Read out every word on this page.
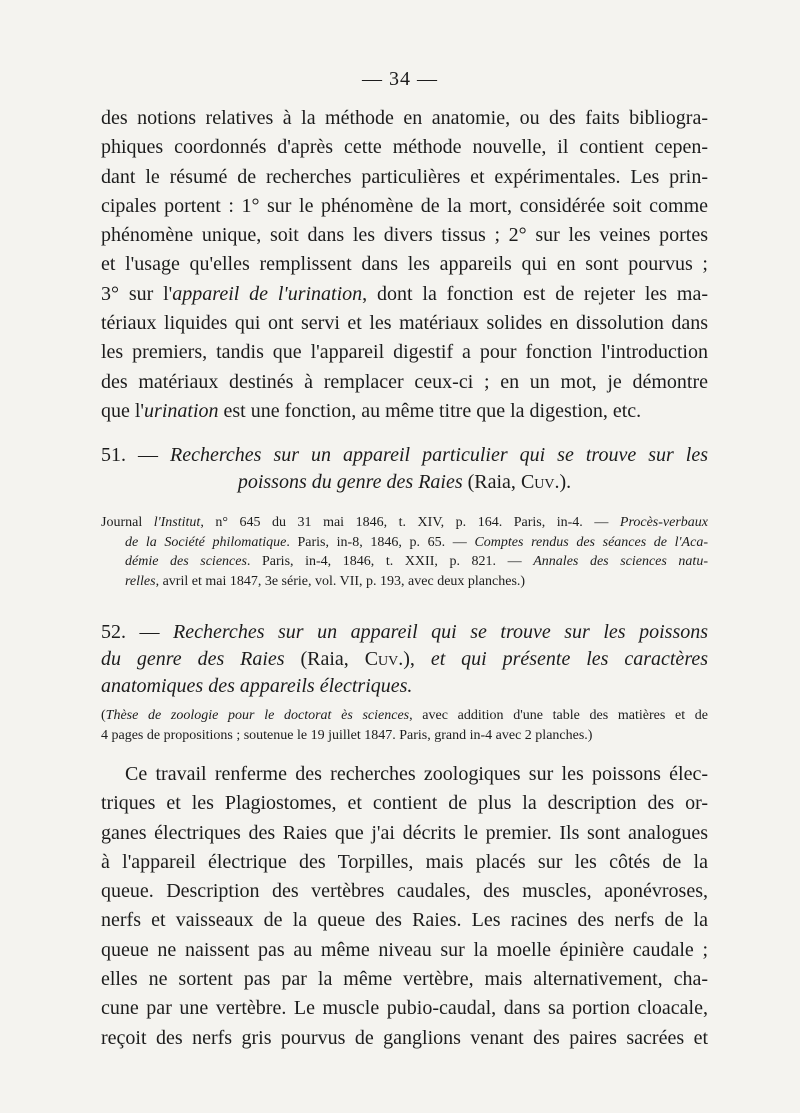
— 34 —
des notions relatives à la méthode en anatomie, ou des faits bibliogra-
phiques coordonnés d'après cette méthode nouvelle, il contient cepen-
dant le résumé de recherches particulières et expérimentales. Les prin-
cipales portent : 1° sur le phénomène de la mort, considérée soit comme
phénomène unique, soit dans les divers tissus ; 2° sur les veines portes
et l'usage qu'elles remplissent dans les appareils qui en sont pourvus ;
3° sur l'appareil de l'urination, dont la fonction est de rejeter les ma-
tériaux liquides qui ont servi et les matériaux solides en dissolution dans
les premiers, tandis que l'appareil digestif a pour fonction l'introduction
des matériaux destinés à remplacer ceux-ci ; en un mot, je démontre
que l'urination est une fonction, au même titre que la digestion, etc.
51. — Recherches sur un appareil particulier qui se trouve sur les
poissons du genre des Raies (Raia, Cuv.).
Journal l'Institut, n° 645 du 31 mai 1846, t. XIV, p. 164. Paris, in-4. — Procès-verbaux
de la Société philomatique. Paris, in-8, 1846, p. 65. — Comptes rendus des séances de l'Aca-
démie des sciences. Paris, in-4, 1846, t. XXII, p. 821. — Annales des sciences natu-
relles, avril et mai 1847, 3e série, vol. VII, p. 193, avec deux planches.)
52. — Recherches sur un appareil qui se trouve sur les poissons
du genre des Raies (Raia, Cuv.), et qui présente les caractères
anatomiques des appareils électriques.
(Thèse de zoologie pour le doctorat ès sciences, avec addition d'une table des matières et de
4 pages de propositions ; soutenue le 19 juillet 1847. Paris, grand in-4 avec 2 planches.)
Ce travail renferme des recherches zoologiques sur les poissons élec-
triques et les Plagiostomes, et contient de plus la description des or-
ganes électriques des Raies que j'ai décrits le premier. Ils sont analogues
à l'appareil électrique des Torpilles, mais placés sur les côtés de la
queue. Description des vertèbres caudales, des muscles, aponévroses,
nerfs et vaisseaux de la queue des Raies. Les racines des nerfs de la
queue ne naissent pas au même niveau sur la moelle épinière caudale ;
elles ne sortent pas par la même vertèbre, mais alternativement, cha-
cune par une vertèbre. Le muscle pubio-caudal, dans sa portion cloacale,
reçoit des nerfs gris pourvus de ganglions venant des paires sacrées et
